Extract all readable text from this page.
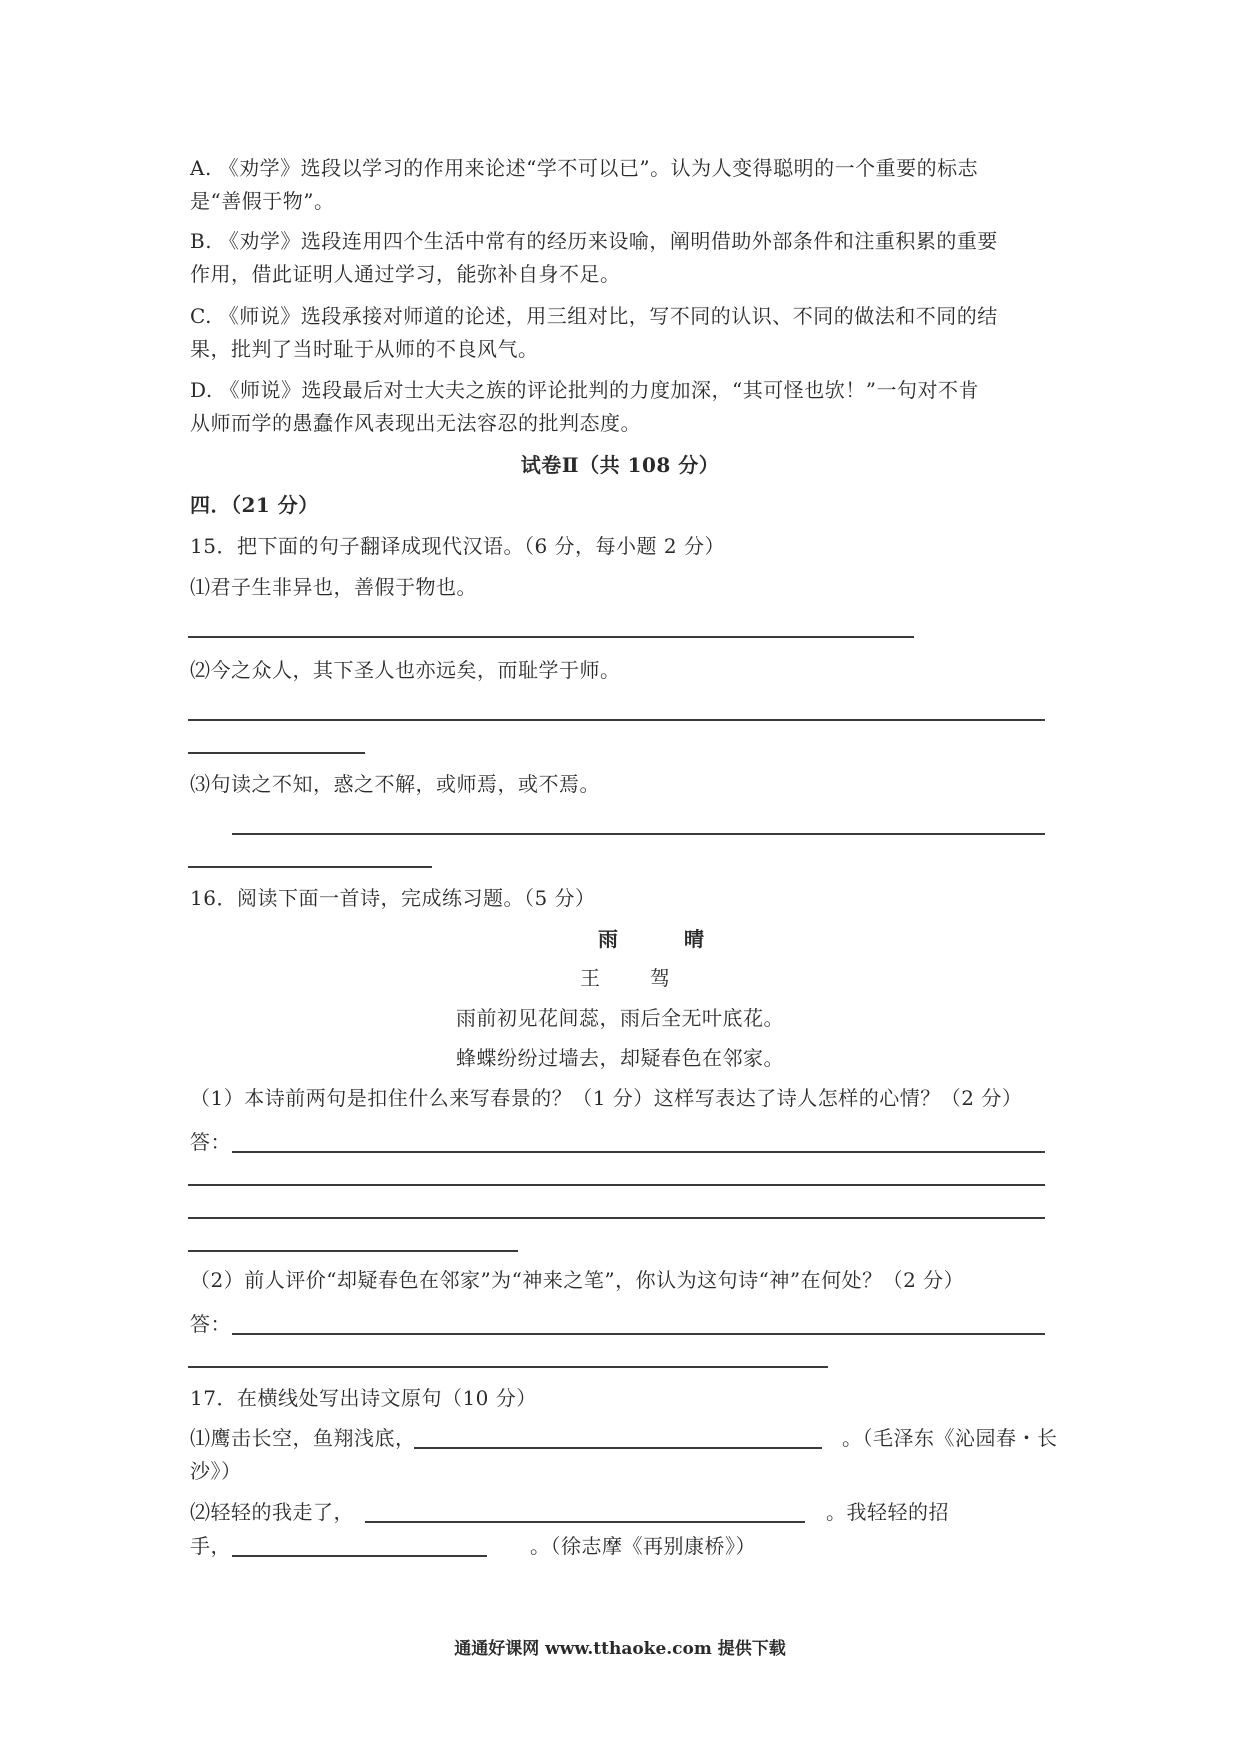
A. 《劝学》选段以学习的作用来论述“学不可以已”。认为人变得聪明的一个重要的标志
是“善假于物”。
B. 《劝学》选段连用四个生活中常有的经历来设喻，阐明借助外部条件和注重积累的重要
作用，借此证明人通过学习，能弥补自身不足。
C. 《师说》选段承接对师道的论述，用三组对比，写不同的认识、不同的做法和不同的结
果，批判了当时耻于从师的不良风气。
D. 《师说》选段最后对士大夫之族的评论批判的力度加深，“其可怪也欤！”一句对不肯
从师而学的愚蠢作风表现出无法容忍的批判态度。
试卷Ⅱ（共 108 分）
四．（21 分）
15．把下面的句子翻译成现代汉语。（6 分，每小题 2 分）
⑴君子生非异也，善假于物也。
⑵今之众人，其下圣人也亦远矣，而耻学于师。
⑶句读之不知，惑之不解，或师焉，或不焉。
16．阅读下面一首诗，完成练习题。（5 分）
雨	晴
王 驾
雨前初见花间蕊，雨后全无叶底花。
蜂蝶纷纷过墙去，却疑春色在邻家。
（1）本诗前两句是扣住什么来写春景的？（1 分）这样写表达了诗人怎样的心情？（2 分）
答：
（2）前人评价“却疑春色在邻家”为“神来之笔”，你认为这句诗“神”在何处？（2 分）
答：
17．在横线处写出诗文原句（10 分）
⑴鹰击长空，鱼翔浅底，	。（毛泽东《沁园春・长
沙》）
⑵轻轻的我走了，	。我轻轻的招
手，	。（徐志摩《再别康桥》）
通通好课网 www.tthaoke.com 提供下载
